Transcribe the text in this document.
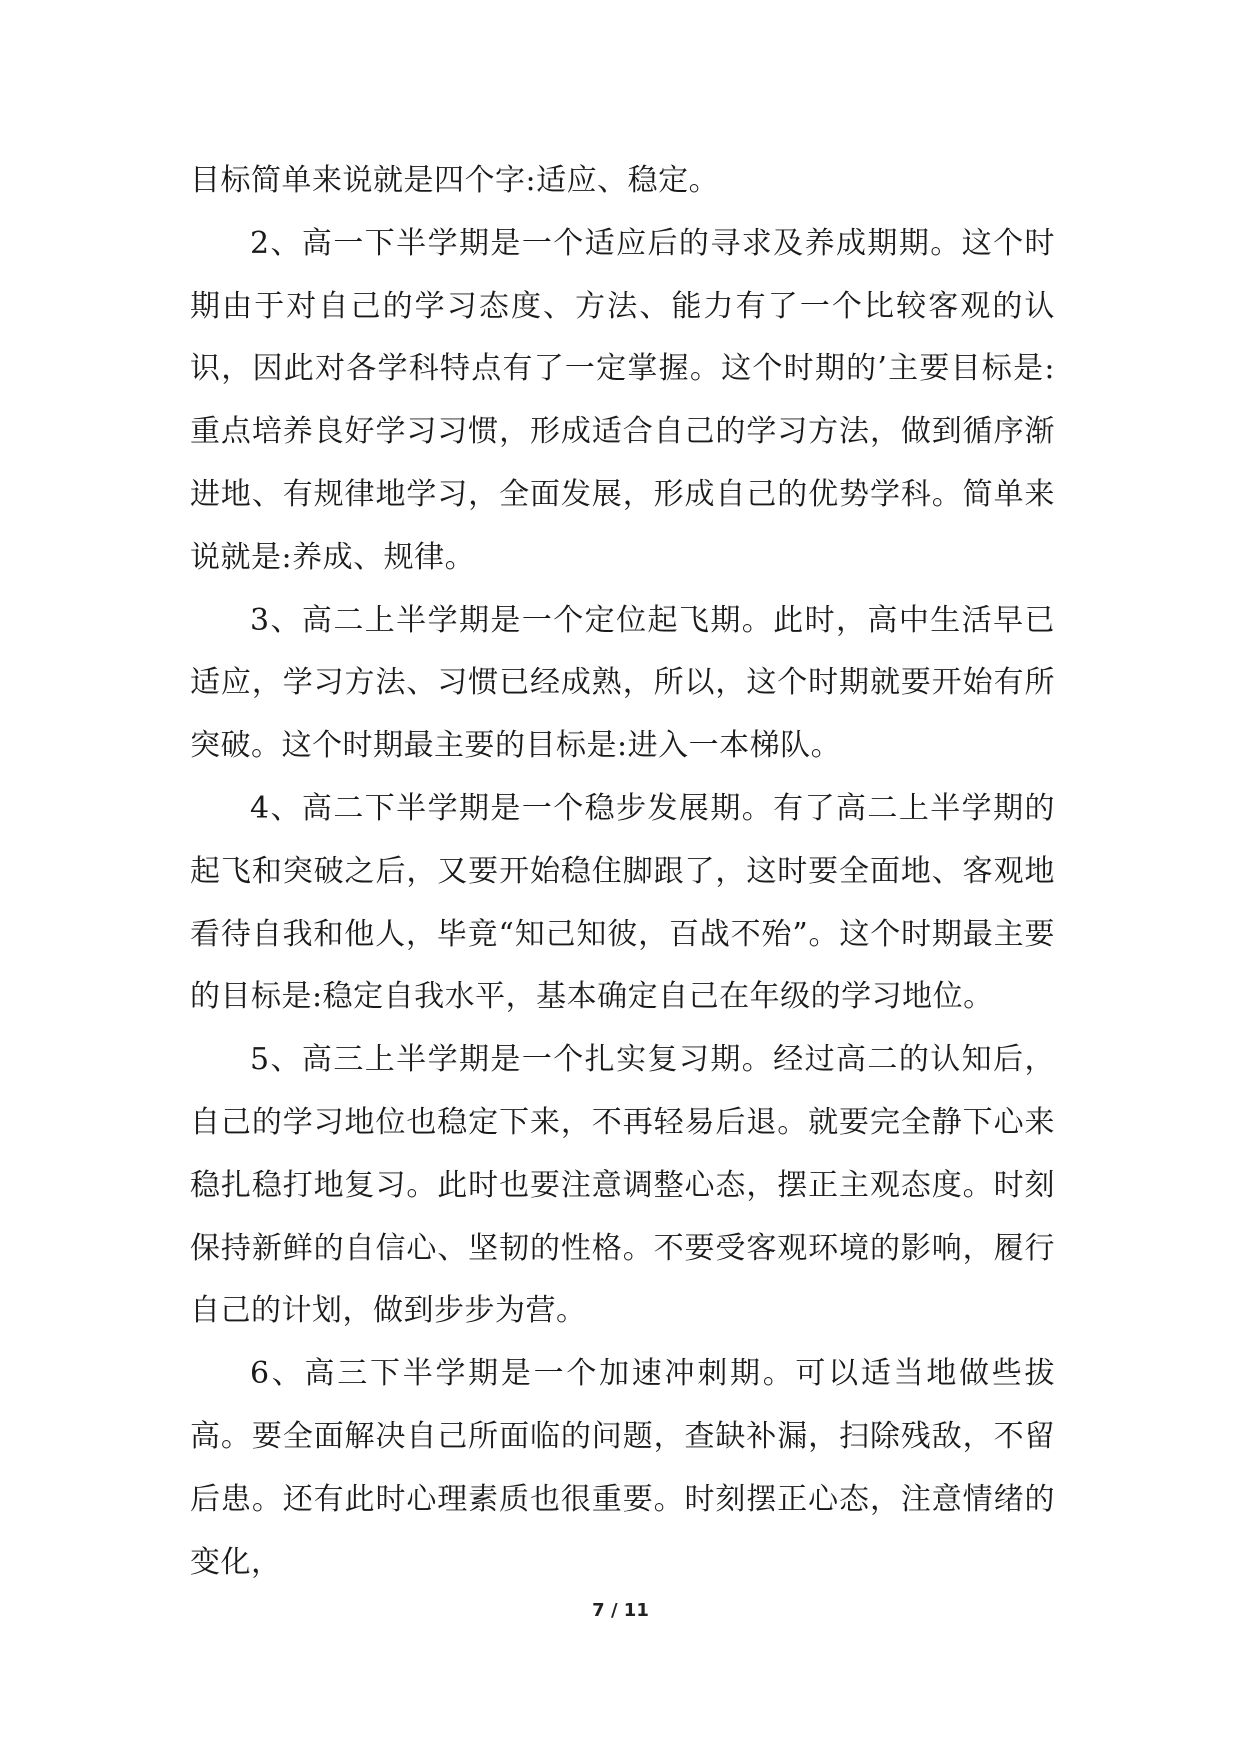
目标简单来说就是四个字:适应、稳定。

2、高一下半学期是一个适应后的寻求及养成期期。这个时期由于对自己的学习态度、方法、能力有了一个比较客观的认识，因此对各学科特点有了一定掌握。这个时期的’主要目标是:重点培养良好学习习惯，形成适合自己的学习方法，做到循序渐进地、有规律地学习，全面发展，形成自己的优势学科。简单来说就是:养成、规律。

3、高二上半学期是一个定位起飞期。此时，高中生活早已适应，学习方法、习惯已经成熟，所以，这个时期就要开始有所突破。这个时期最主要的目标是:进入一本梯队。

4、高二下半学期是一个稳步发展期。有了高二上半学期的起飞和突破之后，又要开始稳住脚跟了，这时要全面地、客观地看待自我和他人，毕竟“知己知彼，百战不殆”。这个时期最主要的目标是:稳定自我水平，基本确定自己在年级的学习地位。

5、高三上半学期是一个扎实复习期。经过高二的认知后，自己的学习地位也稳定下来，不再轻易后退。就要完全静下心来稳扎稳打地复习。此时也要注意调整心态，摆正主观态度。时刻保持新鲜的自信心、坚韧的性格。不要受客观环境的影响，履行自己的计划，做到步步为营。

6、高三下半学期是一个加速冲刺期。可以适当地做些拔高。要全面解决自己所面临的问题，查缺补漏，扫除残敌，不留后患。还有此时心理素质也很重要。时刻摆正心态，注意情绪的变化，

7 / 11
